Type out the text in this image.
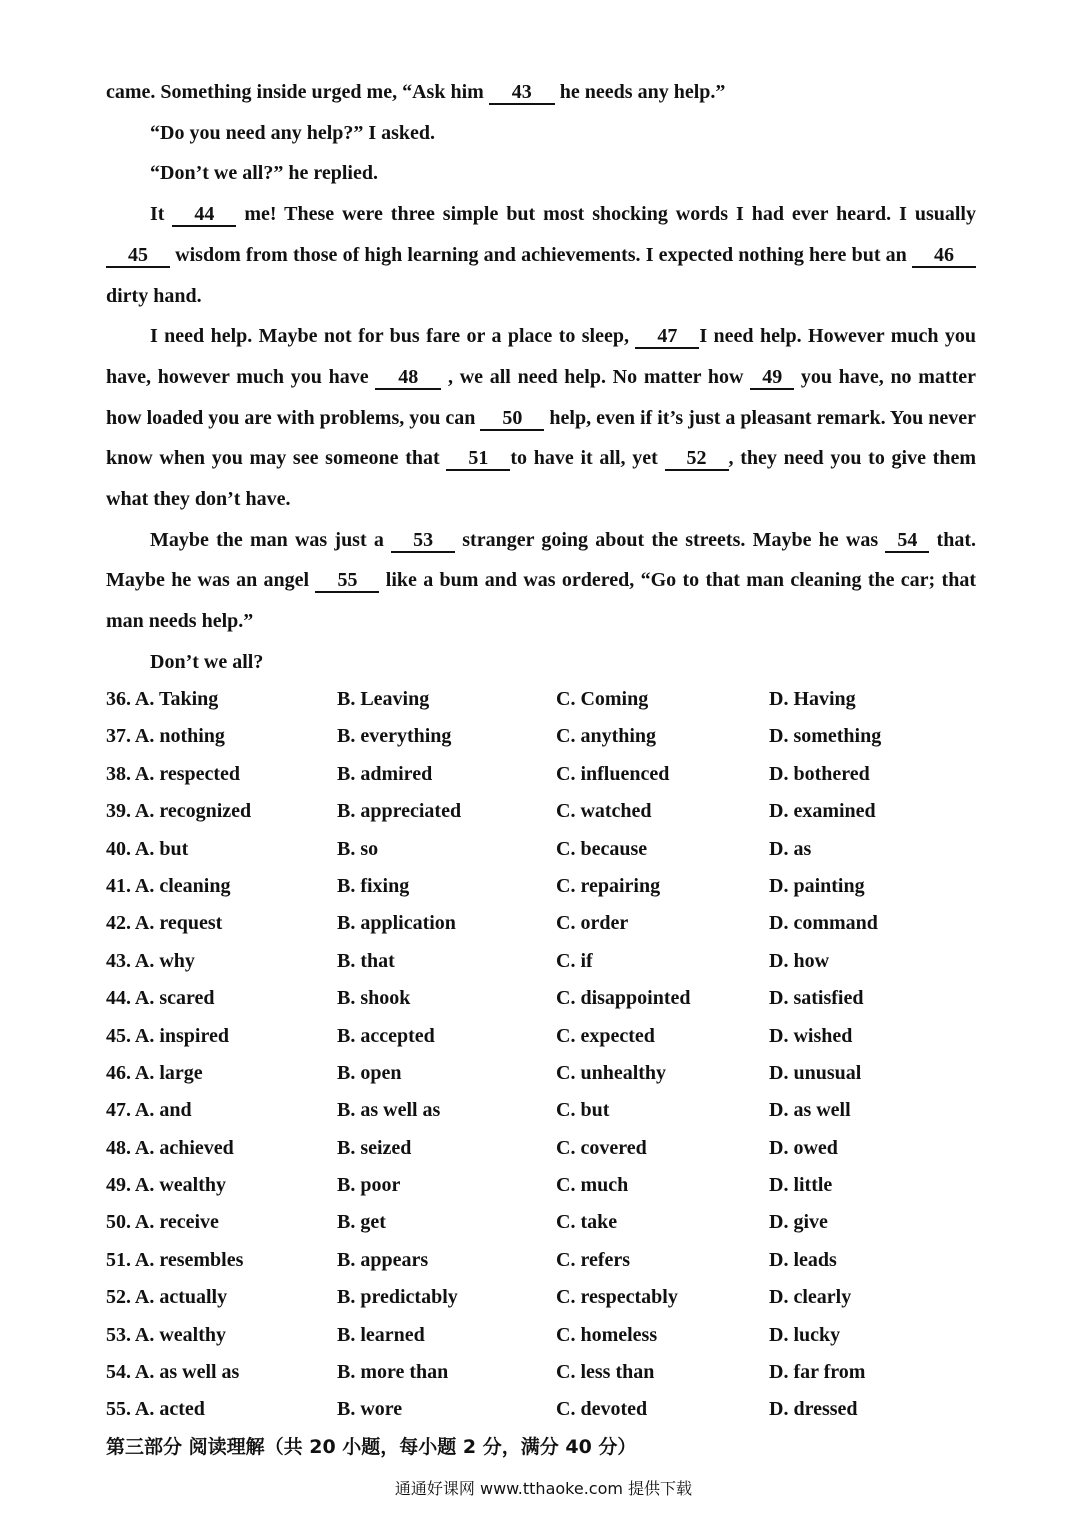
came. Something inside urged me, “Ask him 43 he needs any help.”

“Do you need any help?” I asked.

“Don’t we all?” he replied.

It 44 me! These were three simple but most shocking words I had ever heard. I usually 45 wisdom from those of high learning and achievements. I expected nothing here but an 46dirty hand.

I need help. Maybe not for bus fare or a place to sleep, 47 I need help. However much you have, however much you have 48 , we all need help. No matter how 49 you have, no matter how loaded you are with problems, you can 50 help, even if it’s just a pleasant remark. You never know when you may see someone that 51 to have it all, yet 52 , they need you to give them what they don’t have.

Maybe the man was just a 53 stranger going about the streets. Maybe he was 54 that. Maybe he was an angel 55 like a bum and was ordered, “Go to that man cleaning the car; that man needs help.”

Don’t we all?

36. A. Taking	B. Leaving	C. Coming	D. Having
37. A. nothing	B. everything	C. anything	D. something
38. A. respected	B. admired	C. influenced	D. bothered
39. A. recognized	B. appreciated	C. watched	D. examined
40. A. but	B. so	C. because	D. as
41. A. cleaning	B. fixing	C. repairing	D. painting
42. A. request	B. application	C. order	D. command
43. A. why	B. that	C. if	D. how
44. A. scared	B. shook	C. disappointed	D. satisfied
45. A. inspired	B. accepted	C. expected	D. wished
46. A. large	B. open	C. unhealthy	D. unusual
47. A. and	B. as well as	C. but	D. as well
48. A. achieved	B. seized	C. covered	D. owed
49. A. wealthy	B. poor	C. much	D. little
50. A. receive	B. get	C. take	D. give
51. A. resembles	B. appears	C. refers	D. leads
52. A. actually	B. predictably	C. respectably	D. clearly
53. A. wealthy	B. learned	C. homeless	D. lucky
54. A. as well as	B. more than	C. less than	D. far from
55. A. acted	B. wore	C. devoted	D. dressed
第三部分 阅读理解（共 20 小题，每小题 2 分，满分 40 分）
通通好课网 www.tthaoke.com 提供下载
